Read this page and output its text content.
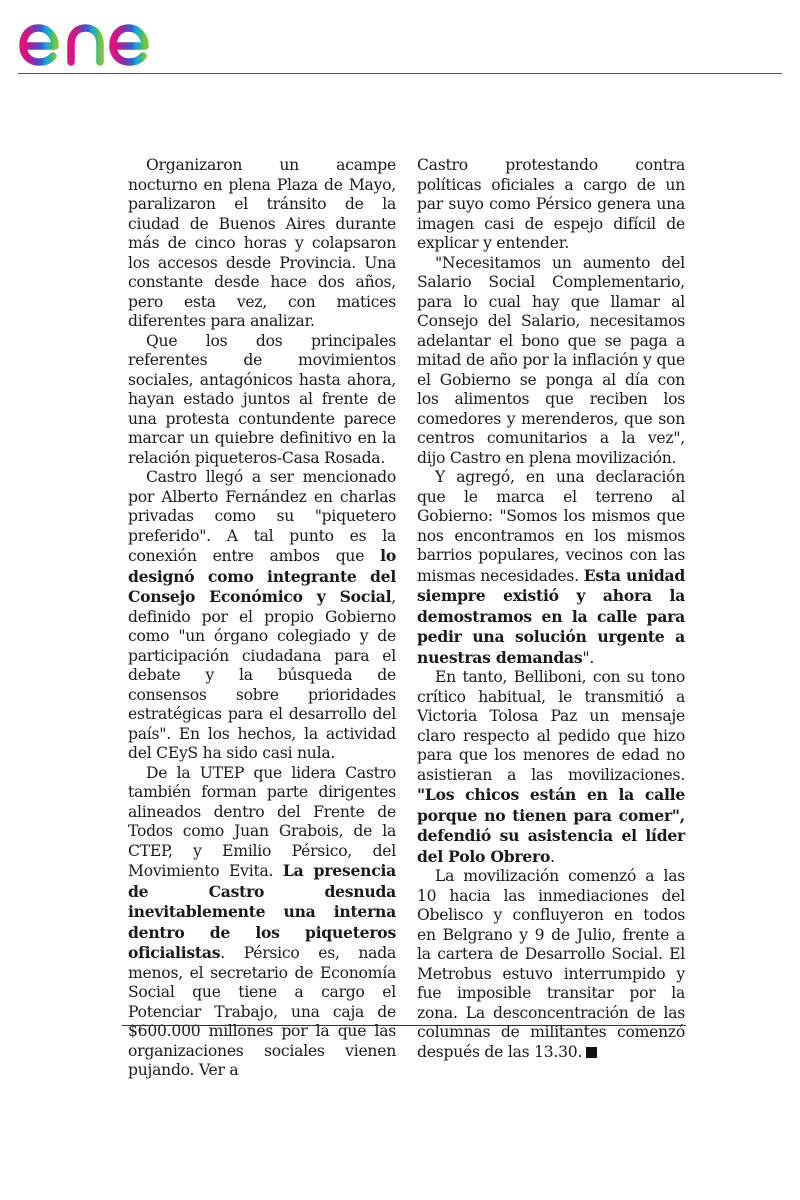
Organizaron un acampe nocturno en plena Plaza de Mayo, paralizaron el tránsito de la ciudad de Buenos Aires durante más de cinco horas y colapsaron los accesos desde Provincia. Una constante desde hace dos años, pero esta vez, con matices diferentes para analizar.

Que los dos principales referentes de movimientos sociales, antagónicos hasta ahora, hayan estado juntos al frente de una protesta contundente parece marcar un quiebre definitivo en la relación piqueteros-Casa Rosada.

Castro llegó a ser mencionado por Alberto Fernández en charlas privadas como su "piquetero preferido". A tal punto es la conexión entre ambos que lo designó como integrante del Consejo Económico y Social, definido por el propio Gobierno como "un órgano colegiado y de participación ciudadana para el debate y la búsqueda de consensos sobre prioridades estratégicas para el desarrollo del país". En los hechos, la actividad del CEyS ha sido casi nula.

De la UTEP que lidera Castro también forman parte dirigentes alineados dentro del Frente de Todos como Juan Grabois, de la CTEP, y Emilio Pérsico, del Movimiento Evita. La presencia de Castro desnuda inevitablemente una interna dentro de los piqueteros oficialistas. Pérsico es, nada menos, el secretario de Economía Social que tiene a cargo el Potenciar Trabajo, una caja de $600.000 millones por la que las organizaciones sociales vienen pujando. Ver a

Castro protestando contra políticas oficiales a cargo de un par suyo como Pérsico genera una imagen casi de espejo difícil de explicar y entender.

"Necesitamos un aumento del Salario Social Complementario, para lo cual hay que llamar al Consejo del Salario, necesitamos adelantar el bono que se paga a mitad de año por la inflación y que el Gobierno se ponga al día con los alimentos que reciben los comedores y merenderos, que son centros comunitarios a la vez", dijo Castro en plena movilización.

Y agregó, en una declaración que le marca el terreno al Gobierno: "Somos los mismos que nos encontramos en los mismos barrios populares, vecinos con las mismas necesidades. Esta unidad siempre existió y ahora la demostramos en la calle para pedir una solución urgente a nuestras demandas".

En tanto, Belliboni, con su tono crítico habitual, le transmitió a Victoria Tolosa Paz un mensaje claro respecto al pedido que hizo para que los menores de edad no asistieran a las movilizaciones. "Los chicos están en la calle porque no tienen para comer", defendió su asistencia el líder del Polo Obrero.

La movilización comenzó a las 10 hacia las inmediaciones del Obelisco y confluyeron en todos en Belgrano y 9 de Julio, frente a la cartera de Desarrollo Social. El Metrobus estuvo interrumpido y fue imposible transitar por la zona. La desconcentración de las columnas de militantes comenzó después de las 13.30.
